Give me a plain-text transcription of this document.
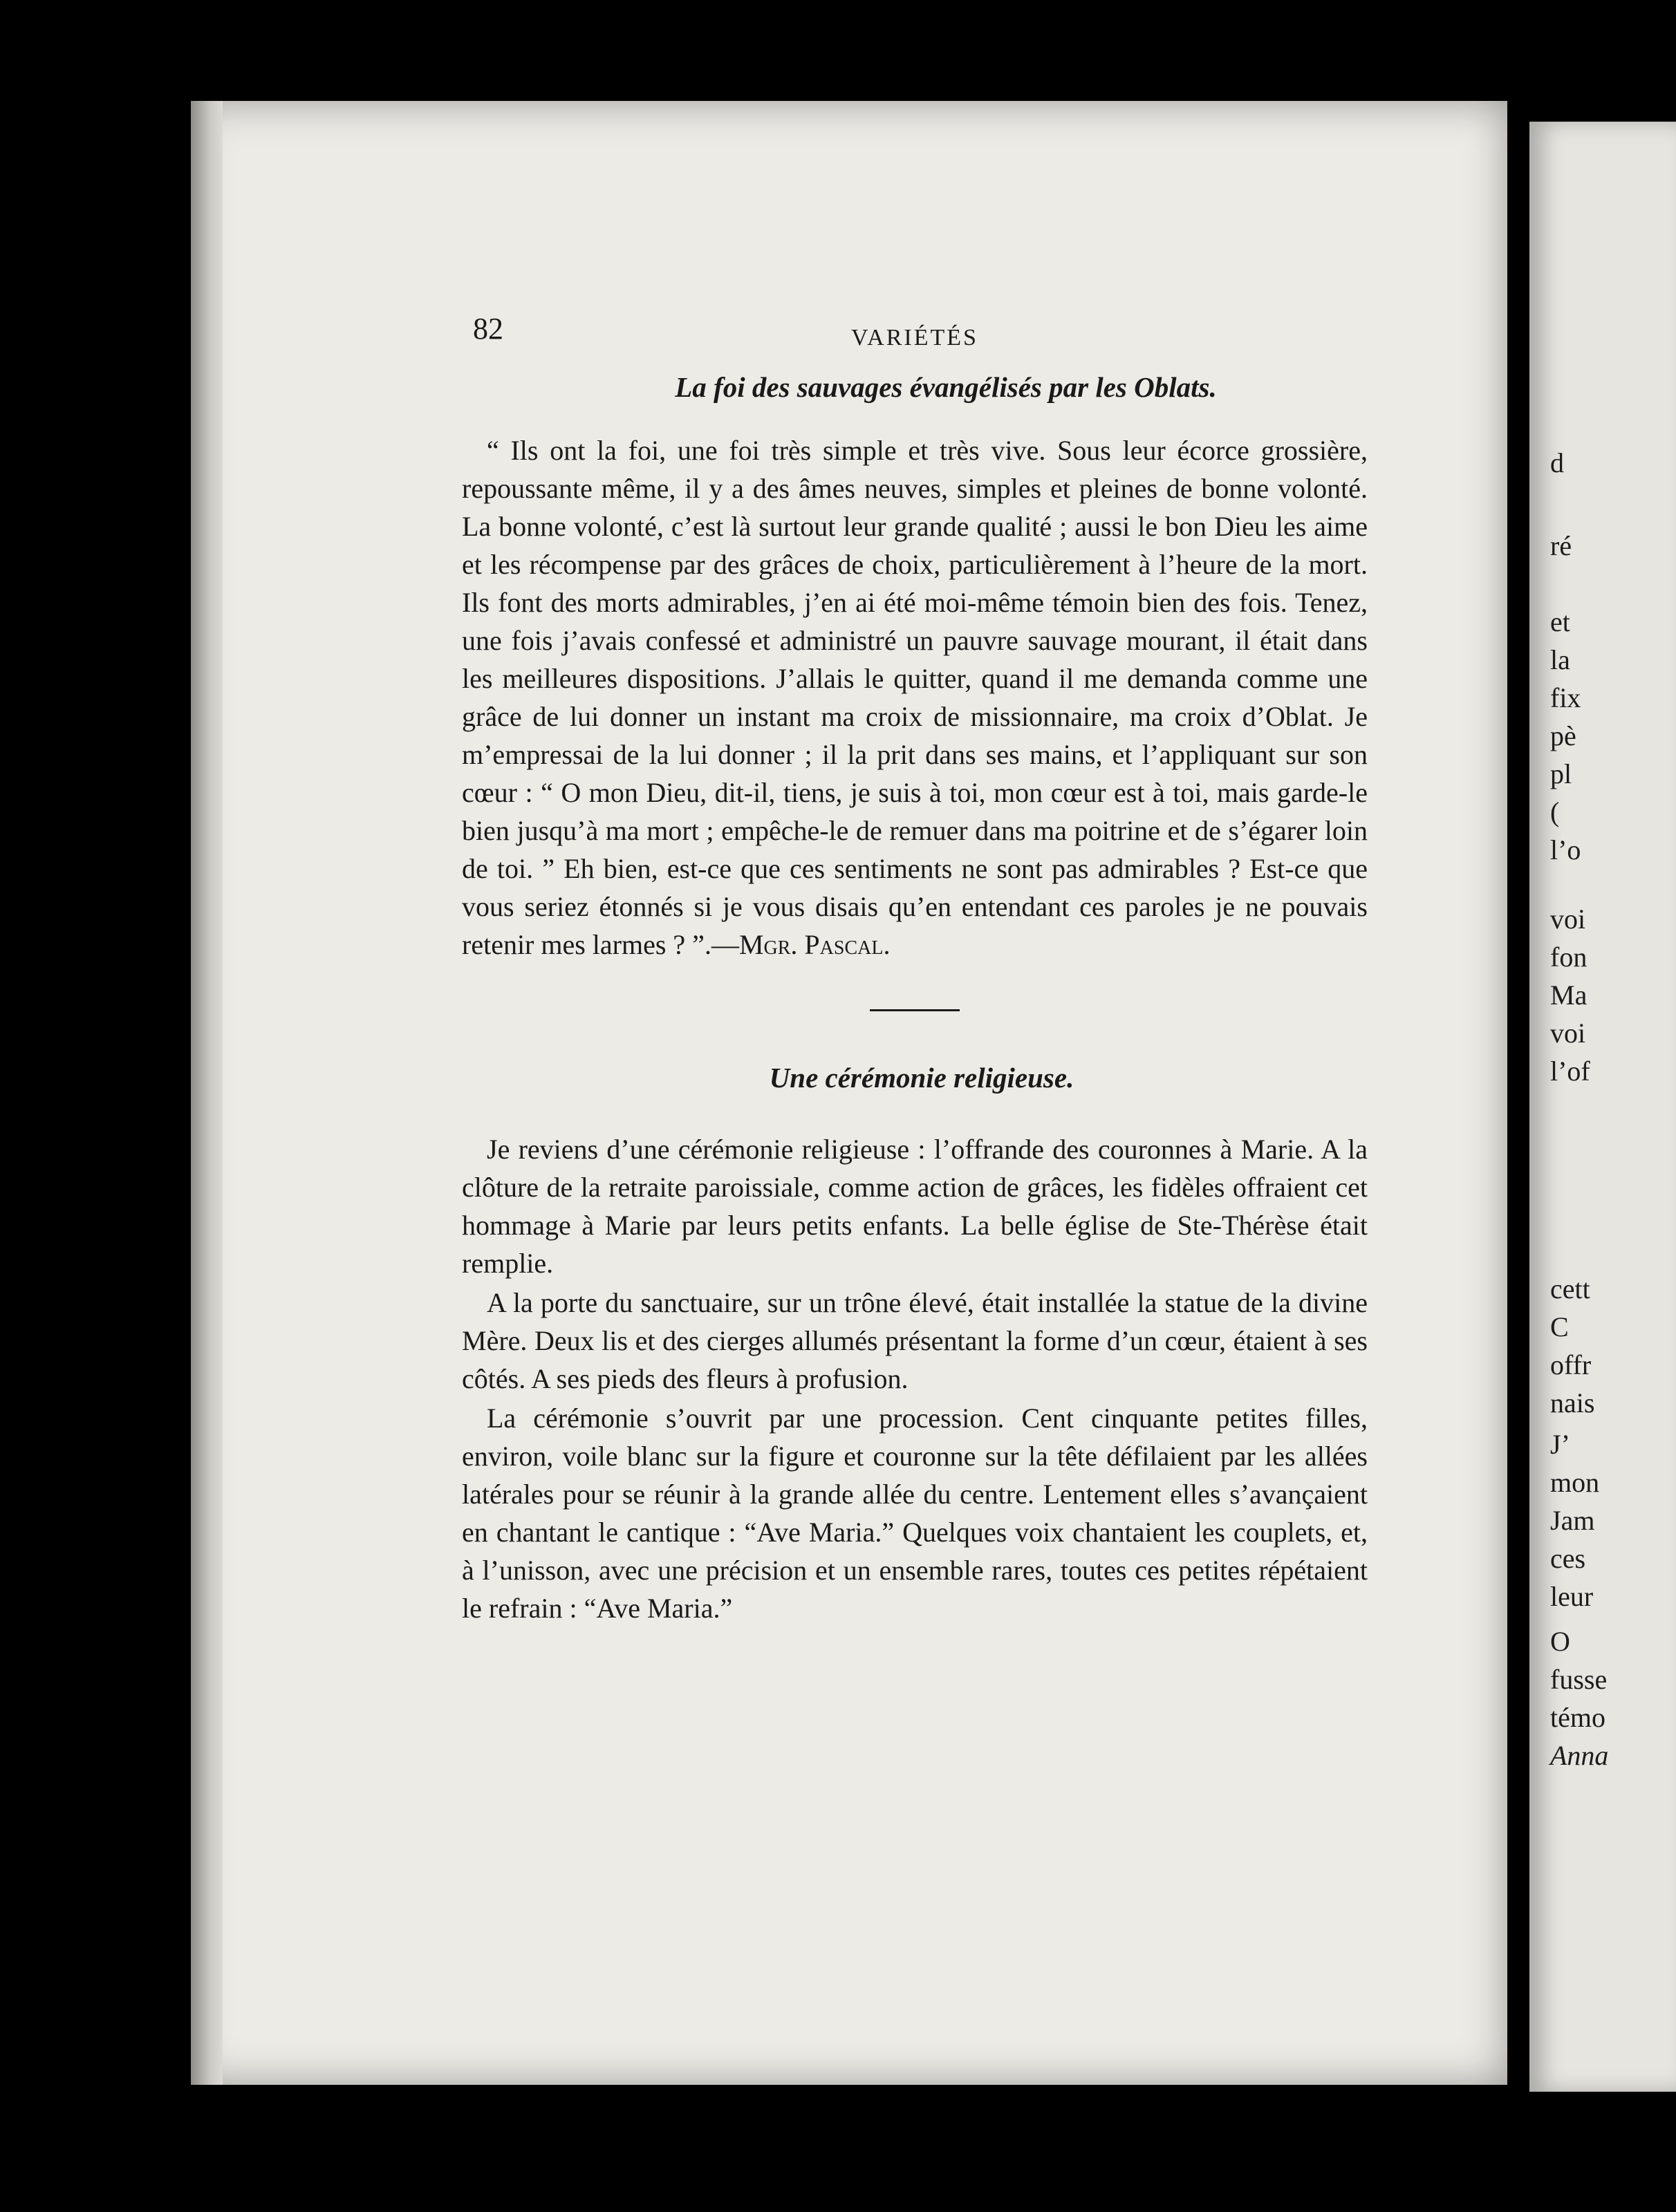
d
ré
et
la
fix
pè
pl
(
l’o
voi
fon
Ma
voi
l’of
cett
C
offr
nais
J’
mon
Jam
ces
leur
O
fusse
témo
Anna
82	VARIÉTÉS
La foi des sauvages évangélisés par les Oblats.

“ Ils ont la foi, une foi très simple et très vive. Sous leur écorce grossière, repoussante même, il y a des âmes neuves, simples et pleines de bonne volonté. La bonne volonté, c’est là surtout leur grande qualité ; aussi le bon Dieu les aime et les récompense par des grâces de choix, particulièrement à l’heure de la mort. Ils font des morts admirables, j’en ai été moi-même témoin bien des fois. Tenez, une fois j’avais confessé et administré un pauvre sauvage mourant, il était dans les meilleures dispositions. J’allais le quitter, quand il me demanda comme une grâce de lui donner un instant ma croix de missionnaire, ma croix d’Oblat. Je m’empressai de la lui donner ; il la prit dans ses mains, et l’appliquant sur son cœur : “ O mon Dieu, dit-il, tiens, je suis à toi, mon cœur est à toi, mais garde-le bien jusqu’à ma mort ; empêche-le de remuer dans ma poitrine et de s’égarer loin de toi. ” Eh bien, est-ce que ces sentiments ne sont pas admirables ? Est-ce que vous seriez étonnés si je vous disais qu’en entendant ces paroles je ne pouvais retenir mes larmes ? ”.—Mgr. Pascal.

Une cérémonie religieuse.

Je reviens d’une cérémonie religieuse : l’offrande des couronnes à Marie. A la clôture de la retraite paroissiale, comme action de grâces, les fidèles offraient cet hommage à Marie par leurs petits enfants. La belle église de Ste-Thérèse était remplie.

A la porte du sanctuaire, sur un trône élevé, était installée la statue de la divine Mère. Deux lis et des cierges allumés présentant la forme d’un cœur, étaient à ses côtés. A ses pieds des fleurs à profusion.

La cérémonie s’ouvrit par une procession. Cent cinquante petites filles, environ, voile blanc sur la figure et couronne sur la tête défilaient par les allées latérales pour se réunir à la grande allée du centre. Lentement elles s’avançaient en chantant le cantique : “Ave Maria.” Quelques voix chantaient les couplets, et, à l’unisson, avec une précision et un ensemble rares, toutes ces petites répétaient le refrain : “Ave Maria.”
